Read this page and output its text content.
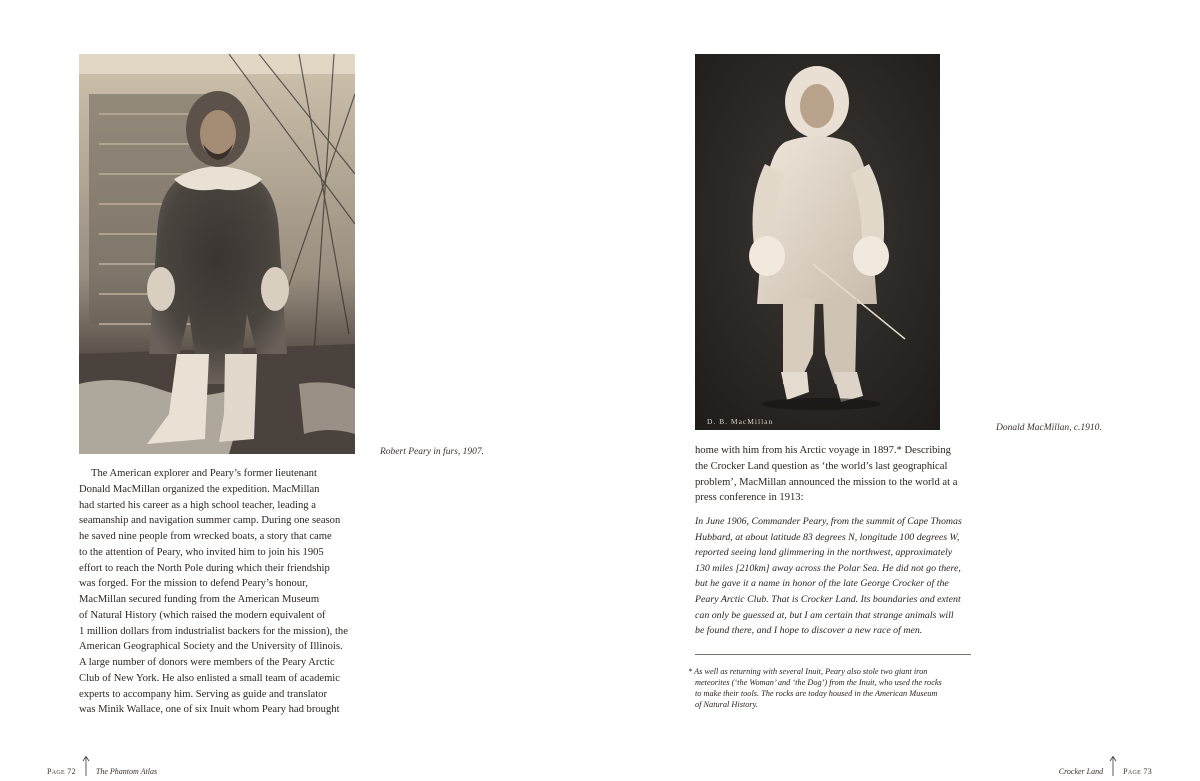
Robert Peary in furs, 1907.
The American explorer and Peary’s former lieutenant
Donald MacMillan organized the expedition. MacMillan
had started his career as a high school teacher, leading a
seamanship and navigation summer camp. During one season
he saved nine people from wrecked boats, a story that came
to the attention of Peary, who invited him to join his 1905
effort to reach the North Pole during which their friendship
was forged. For the mission to defend Peary’s honour,
MacMillan secured funding from the American Museum
of Natural History (which raised the modern equivalent of
1 million dollars from industrialist backers for the mission), the
American Geographical Society and the University of Illinois.
A large number of donors were members of the Peary Arctic
Club of New York. He also enlisted a small team of academic
experts to accompany him. Serving as guide and translator
was Minik Wallace, one of six Inuit whom Peary had brought
Page 72	The Phantom Atlas
D. B. MacMillan
Donald MacMillan, c.1910.
home with him from his Arctic voyage in 1897.* Describing
the Crocker Land question as ‘the world’s last geographical
problem’, MacMillan announced the mission to the world at a
press conference in 1913:
In June 1906, Commander Peary, from the summit of Cape Thomas
Hubbard, at about latitude 83 degrees N, longitude 100 degrees W,
reported seeing land glimmering in the northwest, approximately
130 miles [210km] away across the Polar Sea. He did not go there,
but he gave it a name in honor of the late George Crocker of the
Peary Arctic Club. That is Crocker Land. Its boundaries and extent
can only be guessed at, but I am certain that strange animals will
be found there, and I hope to discover a new race of men.
* As well as returning with several Inuit, Peary also stole two giant iron
meteorites (‘the Woman’ and ‘the Dog’) from the Inuit, who used the rocks
to make their tools. The rocks are today housed in the American Museum
of Natural History.
Crocker Land	Page 73
